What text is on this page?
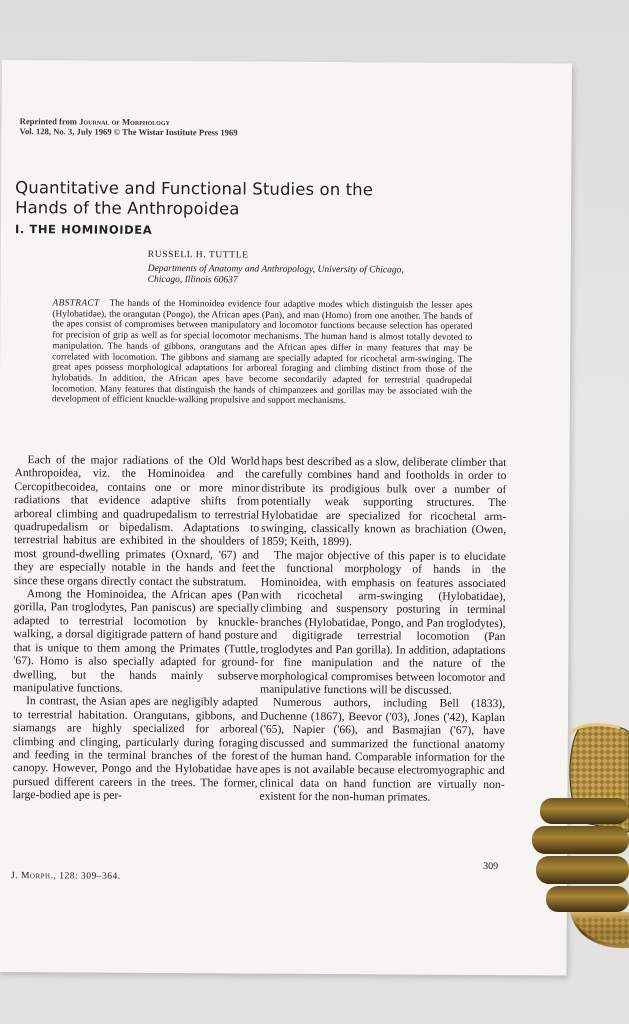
Reprinted from Journal of Morphology
Vol. 128, No. 3, July 1969 © The Wistar Institute Press 1969
Quantitative and Functional Studies on the
Hands of the Anthropoidea
I. THE HOMINOIDEA
RUSSELL H. TUTTLE
Departments of Anatomy and Anthropology, University of Chicago,
Chicago, Illinois 60637
ABSTRACT The hands of the Hominoidea evidence four adaptive modes which distinguish the lesser apes (Hylobatidae), the orangutan (Pongo), the African apes (Pan), and man (Homo) from one another. The hands of the apes consist of compromises between manipulatory and locomotor functions because selection has operated for precision of grip as well as for special locomotor mechanisms. The human hand is almost totally devoted to manipulation. The hands of gibbons, orangutans and the African apes differ in many features that may be correlated with locomotion. The gibbons and siamang are specially adapted for ricochetal arm-swinging. The great apes possess morphological adaptations for arboreal foraging and climbing distinct from those of the hylobatids. In addition, the African apes have become secondarily adapted for terrestrial quadrupedal locomotion. Many features that distinguish the hands of chimpanzees and gorillas may be associated with the development of efficient knuckle-walking propulsive and support mechanisms.

Each of the major radiations of the Old World Anthropoidea, viz. the Hominoidea and the Cercopithecoidea, contains one or more minor radiations that evidence adaptive shifts from arboreal climbing and quadrupedalism to terrestrial quadrupedalism or bipedalism. Adaptations to terrestrial habitus are exhibited in the shoulders of most ground-dwelling primates (Oxnard, '67) and they are especially notable in the hands and feet since these organs directly contact the substratum.

Among the Hominoidea, the African apes (Pan gorilla, Pan troglodytes, Pan paniscus) are specially adapted to terrestrial locomotion by knuckle-walking, a dorsal digitigrade pattern of hand posture that is unique to them among the Primates (Tuttle, '67). Homo is also specially adapted for ground-dwelling, but the hands mainly subserve manipulative functions.

In contrast, the Asian apes are negligibly adapted to terrestrial habitation. Orangutans, gibbons, and siamangs are highly specialized for arboreal climbing and clinging, particularly during foraging and feeding in the terminal branches of the forest canopy. However, Pongo and the Hylobatidae have pursued different careers in the trees. The former, large-bodied ape is per-

haps best described as a slow, deliberate climber that carefully combines hand and footholds in order to distribute its prodigious bulk over a number of potentially weak supporting structures. The Hylobatidae are specialized for ricochetal arm-swinging, classically known as brachiation (Owen, 1859; Keith, 1899).

The major objective of this paper is to elucidate the functional morphology of hands in the Hominoidea, with emphasis on features associated with ricochetal arm-swinging (Hylobatidae), climbing and suspensory posturing in terminal branches (Hylobatidae, Pongo, and Pan troglodytes), and digitigrade terrestrial locomotion (Pan troglodytes and Pan gorilla). In addition, adaptations for fine manipulation and the nature of the morphological compromises between locomotor and manipulative functions will be discussed.

Numerous authors, including Bell (1833), Duchenne (1867), Beevor ('03), Jones ('42), Kaplan ('65), Napier ('66), and Basmajian ('67), have discussed and summarized the functional anatomy of the human hand. Comparable information for the apes is not available because electromyographic and clinical data on hand function are virtually non-existent for the non-human primates.

309
J. Morph., 128: 309–364.
